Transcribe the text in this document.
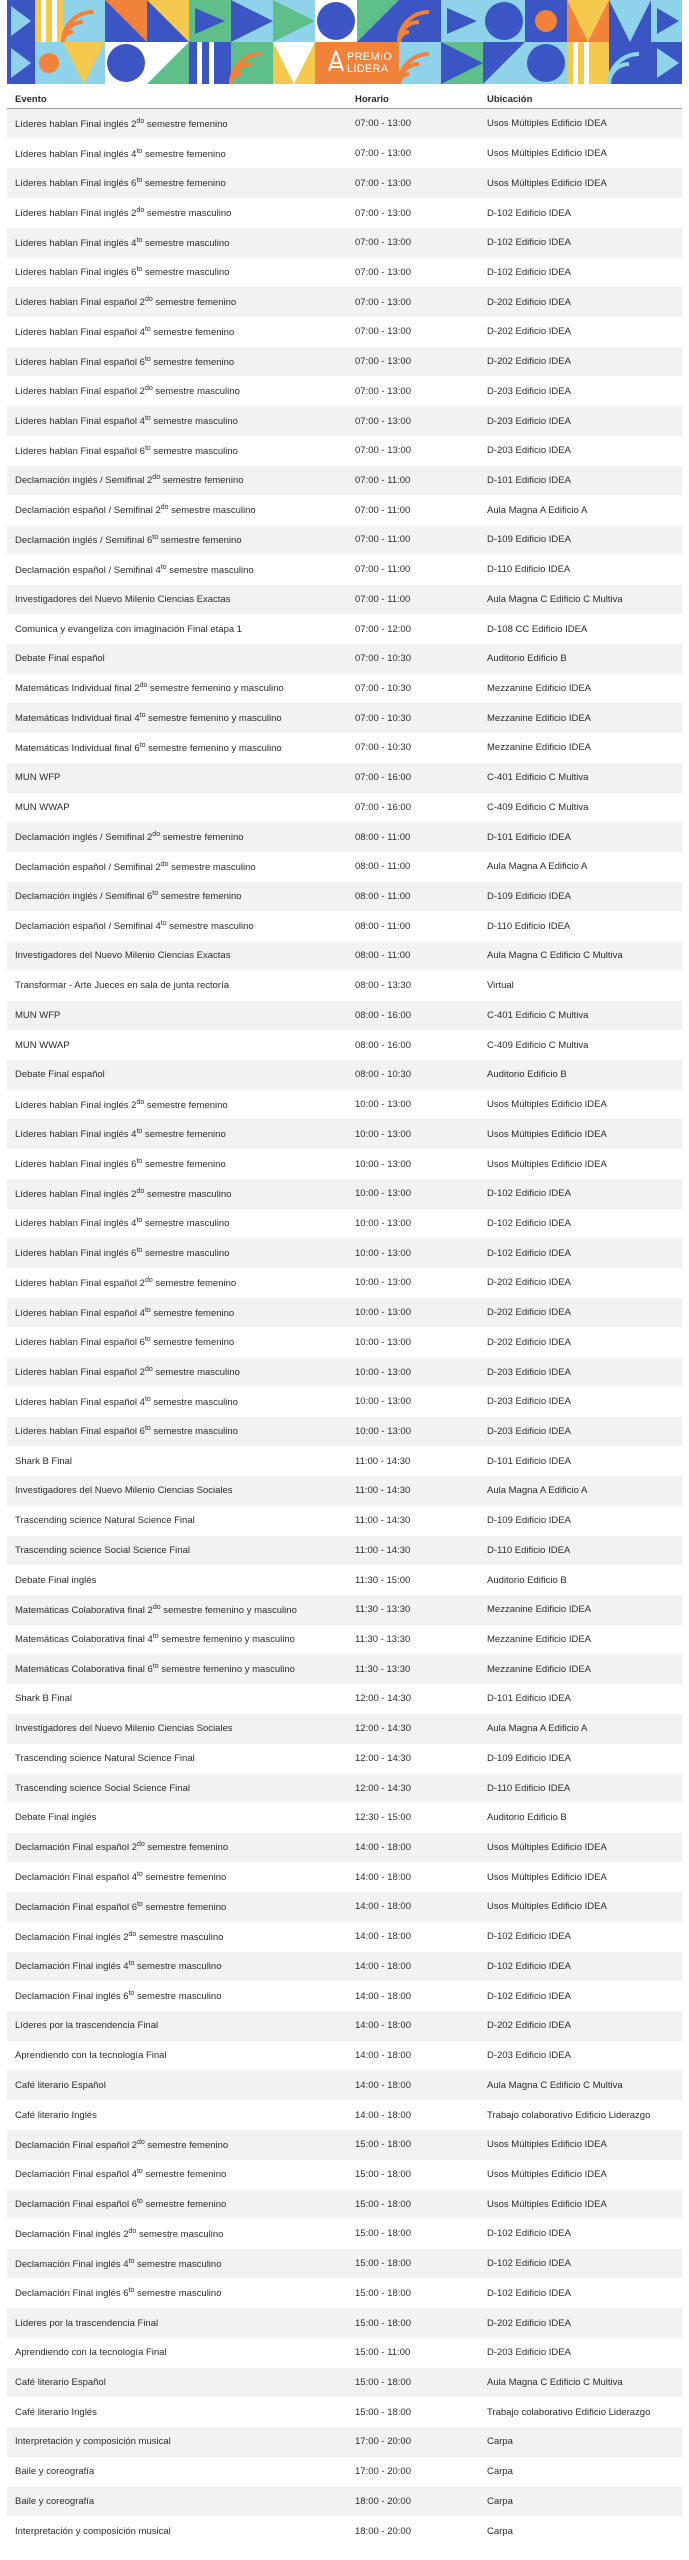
PREMIO
LIDERA
Evento	Horario	Ubicación
Líderes hablan Final inglés $2^{do}$ semestre femenino	07:00 - 13:00	Usos Múltiples Edificio IDEA
Líderes hablan Final inglés $4^{to}$ semestre femenino	07:00 - 13:00	Usos Múltiples Edificio IDEA
Líderes hablan Final inglés $6^{to}$ semestre femenino	07:00 - 13:00	Usos Múltiples Edificio IDEA
Líderes hablan Final inglés $2^{do}$ semestre masculino	07:00 - 13:00	D-102 Edificio IDEA
Líderes hablan Final inglés $4^{to}$ semestre masculino	07:00 - 13:00	D-102 Edificio IDEA
Líderes hablan Final inglés $6^{to}$ semestre masculino	07:00 - 13:00	D-102 Edificio IDEA
Líderes hablan Final español $2^{do}$ semestre femenino	07:00 - 13:00	D-202 Edificio IDEA
Líderes hablan Final español $4^{to}$ semestre femenino	07:00 - 13:00	D-202 Edificio IDEA
Líderes hablan Final español $6^{to}$ semestre femenino	07:00 - 13:00	D-202 Edificio IDEA
Líderes hablan Final español $2^{do}$ semestre masculino	07:00 - 13:00	D-203 Edificio IDEA
Líderes hablan Final español $4^{to}$ semestre masculino	07:00 - 13:00	D-203 Edificio IDEA
Líderes hablan Final español $6^{to}$ semestre masculino	07:00 - 13:00	D-203 Edificio IDEA
Declamación inglés / Semifinal $2^{do}$ semestre femenino	07:00 - 11:00	D-101 Edificio IDEA
Declamación español / Semifinal $2^{do}$ semestre masculino	07:00 - 11:00	Aula Magna A Edificio A
Declamación inglés / Semifinal $6^{to}$ semestre femenino	07:00 - 11:00	D-109 Edificio IDEA
Declamación español / Semifinal $4^{to}$ semestre masculino	07:00 - 11:00	D-110 Edificio IDEA
Investigadores del Nuevo Milenio Ciencias Exactas	07:00 - 11:00	Aula Magna C Edificio C Multiva
Comunica y evangeliza con imaginación Final etapa 1	07:00 - 12:00	D-108 CC Edificio IDEA
Debate Final español	07:00 - 10:30	Auditorio Edificio B
Matemáticas Individual final $2^{do}$ semestre femenino y masculino	07:00 - 10:30	Mezzanine Edificio IDEA
Matemáticas Individual final $4^{to}$ semestre femenino y masculino	07:00 - 10:30	Mezzanine Edificio IDEA
Matemáticas Individual final $6^{to}$ semestre femenino y masculino	07:00 - 10:30	Mezzanine Edificio IDEA
MUN WFP	07:00 - 16:00	C-401 Edificio C Multiva
MUN WWAP	07:00 - 16:00	C-409 Edificio C Multiva
Declamación inglés / Semifinal $2^{do}$ semestre femenino	08:00 - 11:00	D-101 Edificio IDEA
Declamación español / Semifinal $2^{do}$ semestre masculino	08:00 - 11:00	Aula Magna A Edificio A
Declamación inglés / Semifinal $6^{to}$ semestre femenino	08:00 - 11:00	D-109 Edificio IDEA
Declamación español / Semifinal $4^{to}$ semestre masculino	08:00 - 11:00	D-110 Edificio IDEA
Investigadores del Nuevo Milenio Ciencias Exactas	08:00 - 11:00	Aula Magna C Edificio C Multiva
Transformar - Arte Jueces en sala de junta rectoría	08:00 - 13:30	Virtual
MUN WFP	08:00 - 16:00	C-401 Edificio C Multiva
MUN WWAP	08:00 - 16:00	C-409 Edificio C Multiva
Debate Final español	08:00 - 10:30	Auditorio Edificio B
Líderes hablan Final inglés $2^{do}$ semestre femenino	10:00 - 13:00	Usos Múltiples Edificio IDEA
Líderes hablan Final inglés $4^{to}$ semestre femenino	10:00 - 13:00	Usos Múltiples Edificio IDEA
Líderes hablan Final inglés $6^{to}$ semestre femenino	10:00 - 13:00	Usos Múltiples Edificio IDEA
Líderes hablan Final inglés $2^{do}$ semestre masculino	10:00 - 13:00	D-102 Edificio IDEA
Líderes hablan Final inglés $4^{to}$ semestre masculino	10:00 - 13:00	D-102 Edificio IDEA
Líderes hablan Final inglés $6^{to}$ semestre masculino	10:00 - 13:00	D-102 Edificio IDEA
Líderes hablan Final español $2^{do}$ semestre femenino	10:00 - 13:00	D-202 Edificio IDEA
Líderes hablan Final español $4^{to}$ semestre femenino	10:00 - 13:00	D-202 Edificio IDEA
Líderes hablan Final español $6^{to}$ semestre femenino	10:00 - 13:00	D-202 Edificio IDEA
Líderes hablan Final español $2^{do}$ semestre masculino	10:00 - 13:00	D-203 Edificio IDEA
Líderes hablan Final español $4^{to}$ semestre masculino	10:00 - 13:00	D-203 Edificio IDEA
Líderes hablan Final español $6^{to}$ semestre masculino	10:00 - 13:00	D-203 Edificio IDEA
Shark B Final	11:00 - 14:30	D-101 Edificio IDEA
Investigadores del Nuevo Milenio Ciencias Sociales	11:00 - 14:30	Aula Magna A Edificio A
Trascending science Natural Science Final	11:00 - 14:30	D-109 Edificio IDEA
Trascending science Social Science Final	11:00 - 14:30	D-110 Edificio IDEA
Debate Final inglés	11:30 - 15:00	Auditorio Edificio B
Matemáticas Colaborativa final $2^{do}$ semestre femenino y masculino	11:30 - 13:30	Mezzanine Edificio IDEA
Matemáticas Colaborativa final $4^{to}$ semestre femenino y masculino	11:30 - 13:30	Mezzanine Edificio IDEA
Matemáticas Colaborativa final $6^{to}$ semestre femenino y masculino	11:30 - 13:30	Mezzanine Edificio IDEA
Shark B Final	12:00 - 14:30	D-101 Edificio IDEA
Investigadores del Nuevo Milenio Ciencias Sociales	12:00 - 14:30	Aula Magna A Edificio A
Trascending science Natural Science Final	12:00 - 14:30	D-109 Edificio IDEA
Trascending science Social Science Final	12:00 - 14:30	D-110 Edificio IDEA
Debate Final inglés	12:30 - 15:00	Auditorio Edificio B
Declamación Final español $2^{do}$ semestre femenino	14:00 - 18:00	Usos Múltiples Edificio IDEA
Declamación Final español $4^{to}$ semestre femenino	14:00 - 18:00	Usos Múltiples Edificio IDEA
Declamación Final español $6^{to}$ semestre femenino	14:00 - 18:00	Usos Múltiples Edificio IDEA
Declamación Final inglés $2^{do}$ semestre masculino	14:00 - 18:00	D-102 Edificio IDEA
Declamación Final inglés $4^{to}$ semestre masculino	14:00 - 18:00	D-102 Edificio IDEA
Declamación Final inglés $6^{to}$ semestre masculino	14:00 - 18:00	D-102 Edificio IDEA
Líderes por la trascendencia Final	14:00 - 18:00	D-202 Edificio IDEA
Aprendiendo con la tecnología Final	14:00 - 18:00	D-203 Edificio IDEA
Café literario Español	14:00 - 18:00	Aula Magna C Edificio C Multiva
Café literario Inglés	14:00 - 18:00	Trabajo colaborativo Edificio Liderazgo
Declamación Final español $2^{do}$ semestre femenino	15:00 - 18:00	Usos Múltiples Edificio IDEA
Declamación Final español $4^{to}$ semestre femenino	15:00 - 18:00	Usos Múltiples Edificio IDEA
Declamación Final español $6^{to}$ semestre femenino	15:00 - 18:00	Usos Múltiples Edificio IDEA
Declamación Final inglés $2^{do}$ semestre masculino	15:00 - 18:00	D-102 Edificio IDEA
Declamación Final inglés $4^{to}$ semestre masculino	15:00 - 18:00	D-102 Edificio IDEA
Declamación Final inglés $6^{to}$ semestre masculino	15:00 - 18:00	D-102 Edificio IDEA
Líderes por la trascendencia Final	15:00 - 18:00	D-202 Edificio IDEA
Aprendiendo con la tecnología Final	15:00 - 11:00	D-203 Edificio IDEA
Café literario Español	15:00 - 18:00	Aula Magna C Edificio C Multiva
Café literario Inglés	15:00 - 18:00	Trabajo colaborativo Edificio Liderazgo
Interpretación y composición musical	17:00 - 20:00	Carpa
Baile y coreografía	17:00 - 20:00	Carpa
Baile y coreografía	18:00 - 20:00	Carpa
Interpretación y composición musical	18:00 - 20:00	Carpa
